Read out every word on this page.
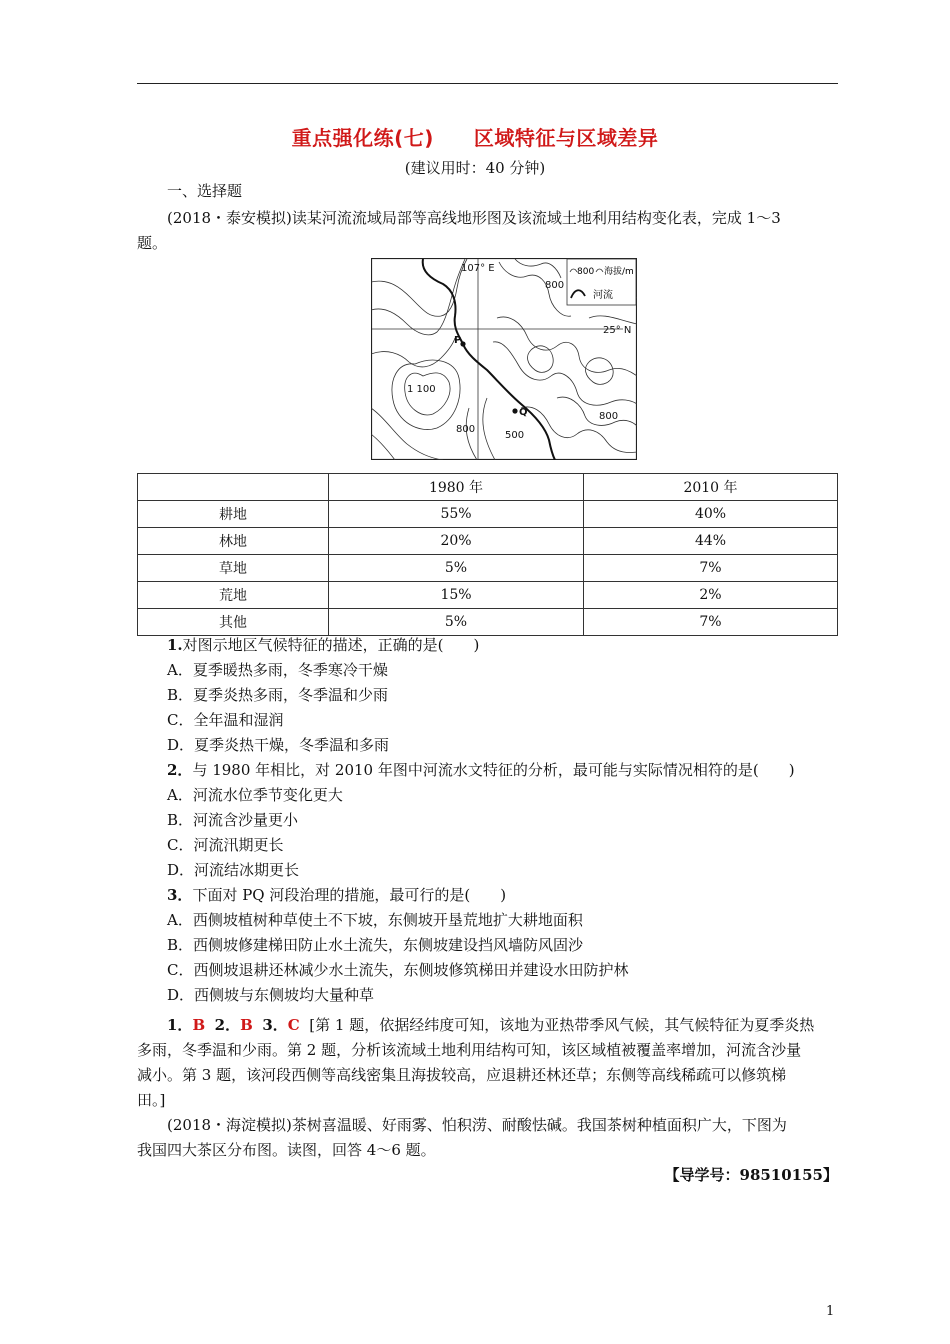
重点强化练(七) 区域特征与区域差异
(建议用时：40 分钟)
一、选择题
(2018・泰安模拟)读某河流流域局部等高线地形图及该流域土地利用结构变化表，完成 1～3
题。
800 海拔/m
河流
107° E
25° N
800
P
Q
1 100
800
500
800
	1980 年	2010 年
耕地	55%	40%
林地	20%	44%
草地	5%	7%
荒地	15%	2%
其他	5%	7%
1.对图示地区气候特征的描述，正确的是(　　)
A．夏季暖热多雨，冬季寒冷干燥
B．夏季炎热多雨，冬季温和少雨
C．全年温和湿润
D．夏季炎热干燥，冬季温和多雨
2．与 1980 年相比，对 2010 年图中河流水文特征的分析，最可能与实际情况相符的是(　　)
A．河流水位季节变化更大
B．河流含沙量更小
C．河流汛期更长
D．河流结冰期更长
3．下面对 PQ 河段治理的措施，最可行的是(　　)
A．西侧坡植树种草使土不下坡，东侧坡开垦荒地扩大耕地面积
B．西侧坡修建梯田防止水土流失，东侧坡建设挡风墙防风固沙
C．西侧坡退耕还林减少水土流失，东侧坡修筑梯田并建设水田防护林
D．西侧坡与东侧坡均大量种草
1．B 2．B 3．C [第 1 题，依据经纬度可知，该地为亚热带季风气候，其气候特征为夏季炎热
多雨，冬季温和少雨。第 2 题，分析该流域土地利用结构可知，该区域植被覆盖率增加，河流含沙量
减小。第 3 题，该河段西侧等高线密集且海拔较高，应退耕还林还草；东侧等高线稀疏可以修筑梯
田。]
(2018・海淀模拟)茶树喜温暖、好雨雾、怕积涝、耐酸怯碱。我国茶树种植面积广大，下图为
我国四大茶区分布图。读图，回答 4～6 题。
【导学号：98510155】
1
